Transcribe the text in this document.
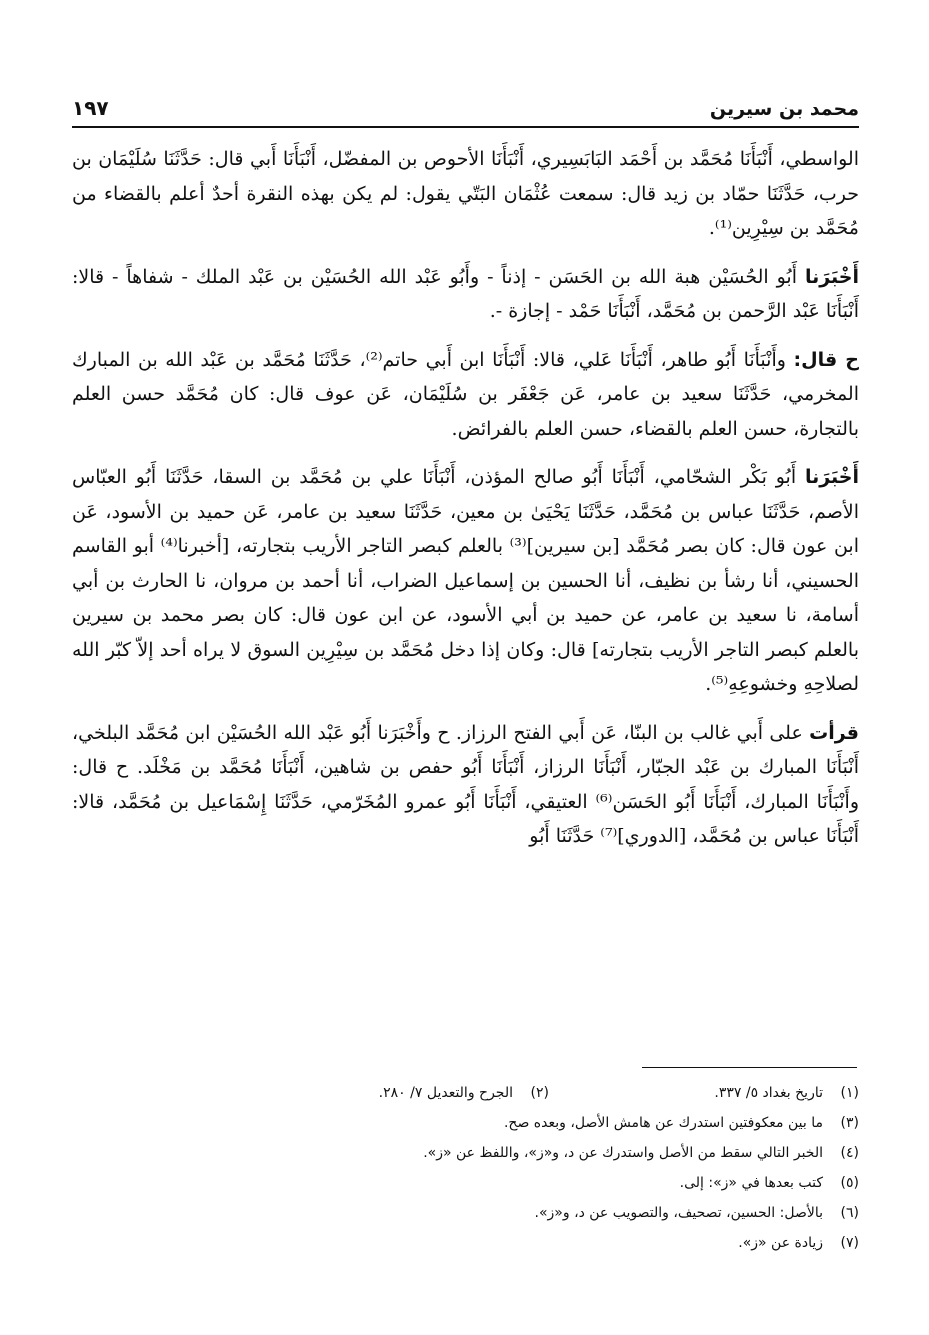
محمد بن سيرين
١٩٧

الواسطي، أَنْبَأَنَا مُحَمَّد بن أَحْمَد البَابَسِيري، أَنْبَأَنَا الأحوص بن المفضّل، أَنْبَأَنَا أَبي قال: حَدَّثَنَا سُلَيْمَان بن حرب، حَدَّثَنَا حمّاد بن زيد قال: سمعت عُثْمَان البَتّي يقول: لم يكن بهذه النقرة أحدٌ أعلم بالقضاء من مُحَمَّد بن سِيْرِين⁽¹⁾.

أَخْبَرَنا أَبُو الحُسَيْن هبة الله بن الحَسَن - إذناً - وأَبُو عَبْد الله الحُسَيْن بن عَبْد الملك - شفاهاً - قالا: أَنْبَأَنَا عَبْد الرَّحمن بن مُحَمَّد، أَنْبَأَنَا حَمْد - إجازة -.

ح قال: وأَنْبَأَنَا أَبُو طاهر، أَنْبَأَنَا عَلي، قالا: أَنْبَأَنَا ابن أَبي حاتم⁽²⁾، حَدَّثَنَا مُحَمَّد بن عَبْد الله بن المبارك المخرمي، حَدَّثَنَا سعيد بن عامر، عَن جَعْفَر بن سُلَيْمَان، عَن عوف قال: كان مُحَمَّد حسن العلم بالتجارة، حسن العلم بالقضاء، حسن العلم بالفرائض.

أَخْبَرَنا أَبُو بَكْر الشحّامي، أَنْبَأَنَا أَبُو صالح المؤذن، أَنْبَأَنَا علي بن مُحَمَّد بن السقا، حَدَّثَنَا أَبُو العبّاس الأصم، حَدَّثَنَا عباس بن مُحَمَّد، حَدَّثَنَا يَحْيَىٰ بن معين، حَدَّثَنَا سعيد بن عامر، عَن حميد بن الأسود، عَن ابن عون قال: كان بصر مُحَمَّد [بن سيرين]⁽³⁾ بالعلم كبصر التاجر الأريب بتجارته، [أخبرنا⁽⁴⁾ أبو القاسم الحسيني، أنا رشأ بن نظيف، أنا الحسين بن إسماعيل الضراب، أنا أحمد بن مروان، نا الحارث بن أبي أسامة، نا سعيد بن عامر، عن حميد بن أبي الأسود، عن ابن عون قال: كان بصر محمد بن سيرين بالعلم كبصر التاجر الأريب بتجارته] قال: وكان إذا دخل مُحَمَّد بن سِيْرِين السوق لا يراه أحد إلاّ كبّر الله لصلاحِهِ وخشوعِهِ⁽⁵⁾.

قرأت على أَبي غالب بن البنّا، عَن أَبي الفتح الرزاز. ح وأَخْبَرَنا أَبُو عَبْد الله الحُسَيْن ابن مُحَمَّد البلخي، أَنْبَأَنَا المبارك بن عَبْد الجبّار، أَنْبَأَنَا الرزاز، أَنْبَأَنَا أَبُو حفص بن شاهين، أَنْبَأَنَا مُحَمَّد بن مَخْلَد. ح قال: وأَنْبَأَنَا المبارك، أَنْبَأَنَا أَبُو الحَسَن⁽⁶⁾ العتيقي، أَنْبَأَنَا أَبُو عمرو المُخَرّمي، حَدَّثَنَا إِسْمَاعيل بن مُحَمَّد، قالا: أَنْبَأَنَا عباس بن مُحَمَّد، [الدوري]⁽⁷⁾ حَدَّثَنَا أَبُو

(١)
تاريخ بغداد ٥/ ٣٣٧.
(٢)
الجرح والتعديل ٧/ ٢٨٠.
(٣)
ما بين معكوفتين استدرك عن هامش الأصل، وبعده صح.
(٤)
الخبر التالي سقط من الأصل واستدرك عن د، و«ز»، واللفظ عن «ز».
(٥)
كتب بعدها في «ز»: إلى.
(٦)
بالأصل: الحسين، تصحيف، والتصويب عن د، و«ز».
(٧)
زيادة عن «ز».
